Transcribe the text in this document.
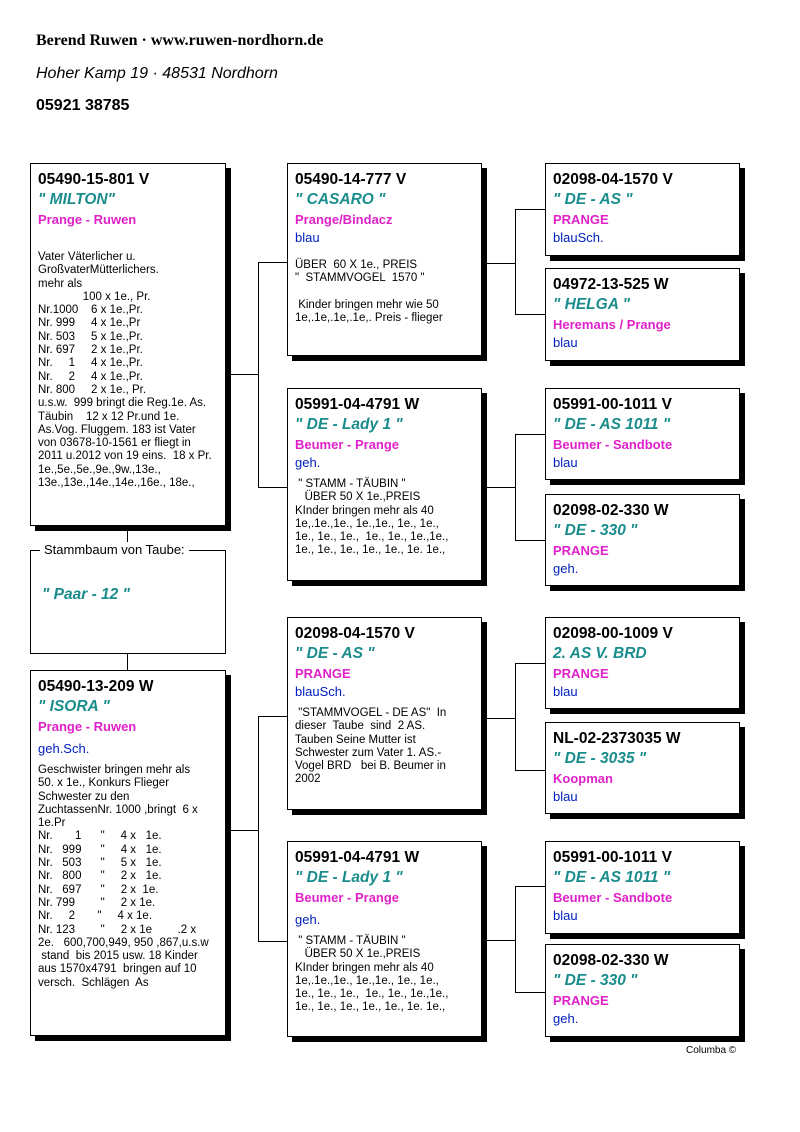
Berend Ruwen · www.ruwen-nordhorn.de
Hoher Kamp 19 · 48531 Nordhorn
05921 38785
Stammbaum von Taube:
" Paar - 12 "
05490-15-801 V
" MILTON"
Prange - Ruwen
Vater Väterlicher u.
GroßvaterMütterlichers.
mehr als
100 x 1e., Pr.
Nr.1000    6 x 1e.,Pr.
Nr. 999     4 x 1e.,Pr
Nr. 503     5 x 1e.,Pr.
Nr. 697     2 x 1e.,Pr.
Nr.     1     4 x 1e.,Pr.
Nr.     2     4 x 1e.,Pr.
Nr. 800     2 x 1e., Pr.
u.s.w.  999 bringt die Reg.1e. As.
Täubin    12 x 12 Pr.und 1e.
As.Vog. Fluggem. 183 ist Vater
von 03678-10-1561 er fliegt in
2011 u.2012 von 19 eins.  18 x Pr.
1e.,5e.,5e.,9e.,9w.,13e.,
13e.,13e.,14e.,14e.,16e., 18e.,
05490-13-209 W
" ISORA "
Prange - Ruwen
geh.Sch.
Geschwister bringen mehr als
50. x 1e., Konkurs Flieger
Schwester zu den
ZuchtassenNr. 1000 ,bringt  6 x
1e.Pr
Nr.       1      "     4 x   1e.
Nr.   999      "     4 x   1e.
Nr.   503      "     5 x   1e.
Nr.   800      "     2 x   1e.
Nr.   697      "     2 x  1e.
Nr. 799        "     2 x 1e.
Nr.     2       "     4 x 1e.
Nr. 123        "     2 x 1e        .2 x
2e.   600,700,949, 950 ,867,u.s.w
stand  bis 2015 usw. 18 Kinder
aus 1570x4791  bringen auf 10
versch.  Schlägen  As
05490-14-777 V
" CASARO "
Prange/Bindacz
blau
ÜBER  60 X 1e., PREIS
"  STAMMVOGEL  1570 "

Kinder bringen mehr wie 50
1e,.1e,.1e,.1e,. Preis - flieger
05991-04-4791 W
" DE - Lady 1 "
Beumer - Prange
geh.
" STAMM - TÄUBIN "
ÜBER 50 X 1e.,PREIS
KInder bringen mehr als 40
1e,.1e.,1e., 1e.,1e., 1e., 1e.,
1e., 1e., 1e.,  1e., 1e., 1e.,1e.,
1e., 1e., 1e., 1e., 1e., 1e. 1e.,
02098-04-1570 V
" DE - AS "
PRANGE
blauSch.
"STAMMVOGEL - DE AS"  In
dieser  Taube  sind  2 AS.
Tauben Seine Mutter ist
Schwester zum Vater 1. AS.-
Vogel BRD   bei B. Beumer in
2002
05991-04-4791 W
" DE - Lady 1 "
Beumer - Prange
geh.
" STAMM - TÄUBIN "
ÜBER 50 X 1e.,PREIS
KInder bringen mehr als 40
1e,.1e.,1e., 1e.,1e., 1e., 1e.,
1e., 1e., 1e.,  1e., 1e., 1e.,1e.,
1e., 1e., 1e., 1e., 1e., 1e. 1e.,
02098-04-1570 V
" DE - AS "
PRANGE
blauSch.
04972-13-525 W
" HELGA "
Heremans / Prange
blau
05991-00-1011 V
" DE - AS 1011 "
Beumer - Sandbote
blau
02098-02-330 W
" DE - 330 "
PRANGE
geh.
02098-00-1009 V
2. AS V. BRD
PRANGE
blau
NL-02-2373035 W
" DE - 3035 "
Koopman
blau
05991-00-1011 V
" DE - AS 1011 "
Beumer - Sandbote
blau
02098-02-330 W
" DE - 330 "
PRANGE
geh.
Columba ©
